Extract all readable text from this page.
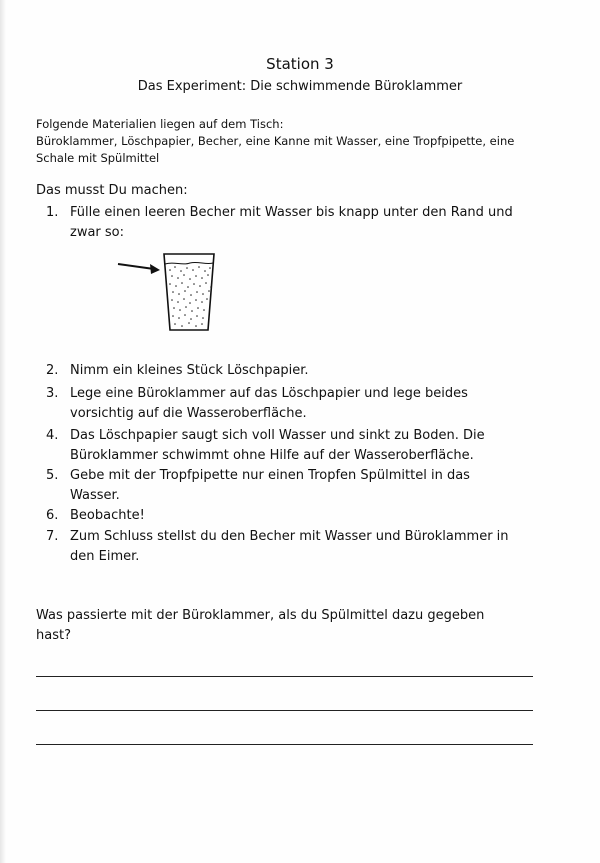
Station 3
Das Experiment: Die schwimmende Büroklammer
Folgende Materialien liegen auf dem Tisch:
Büroklammer, Löschpapier, Becher, eine Kanne mit Wasser, eine Tropfpipette, eine
Schale mit Spülmittel
Das musst Du machen:
1. Fülle einen leeren Becher mit Wasser bis knapp unter den Rand und
zwar so:
2. Nimm ein kleines Stück Löschpapier.
3. Lege eine Büroklammer auf das Löschpapier und lege beides
vorsichtig auf die Wasseroberfläche.
4. Das Löschpapier saugt sich voll Wasser und sinkt zu Boden. Die
Büroklammer schwimmt ohne Hilfe auf der Wasseroberfläche.
5. Gebe mit der Tropfpipette nur einen Tropfen Spülmittel in das
Wasser.
6. Beobachte!
7. Zum Schluss stellst du den Becher mit Wasser und Büroklammer in
den Eimer.
Was passierte mit der Büroklammer, als du Spülmittel dazu gegeben
hast?
